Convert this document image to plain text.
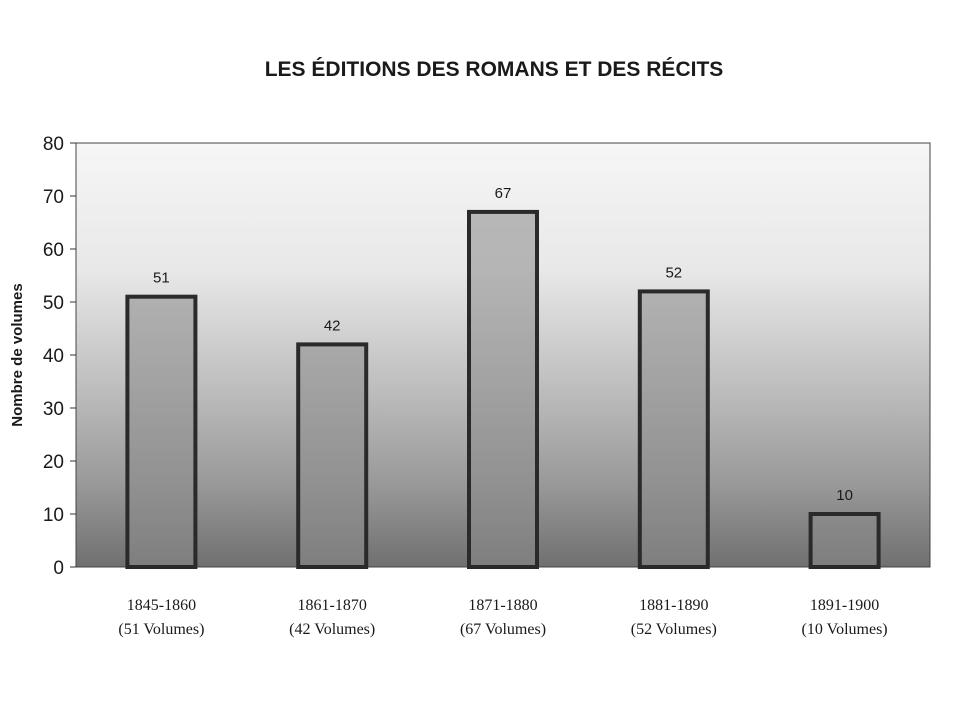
LES ÉDITIONS DES ROMANS ET DES RÉCITS
Nombre de volumes
0
10
20
30
40
50
60
70
80
51
42
67
52
10
1845-1860
(51 Volumes)
1861-1870
(42 Volumes)
1871-1880
(67 Volumes)
1881-1890
(52 Volumes)
1891-1900
(10 Volumes)
